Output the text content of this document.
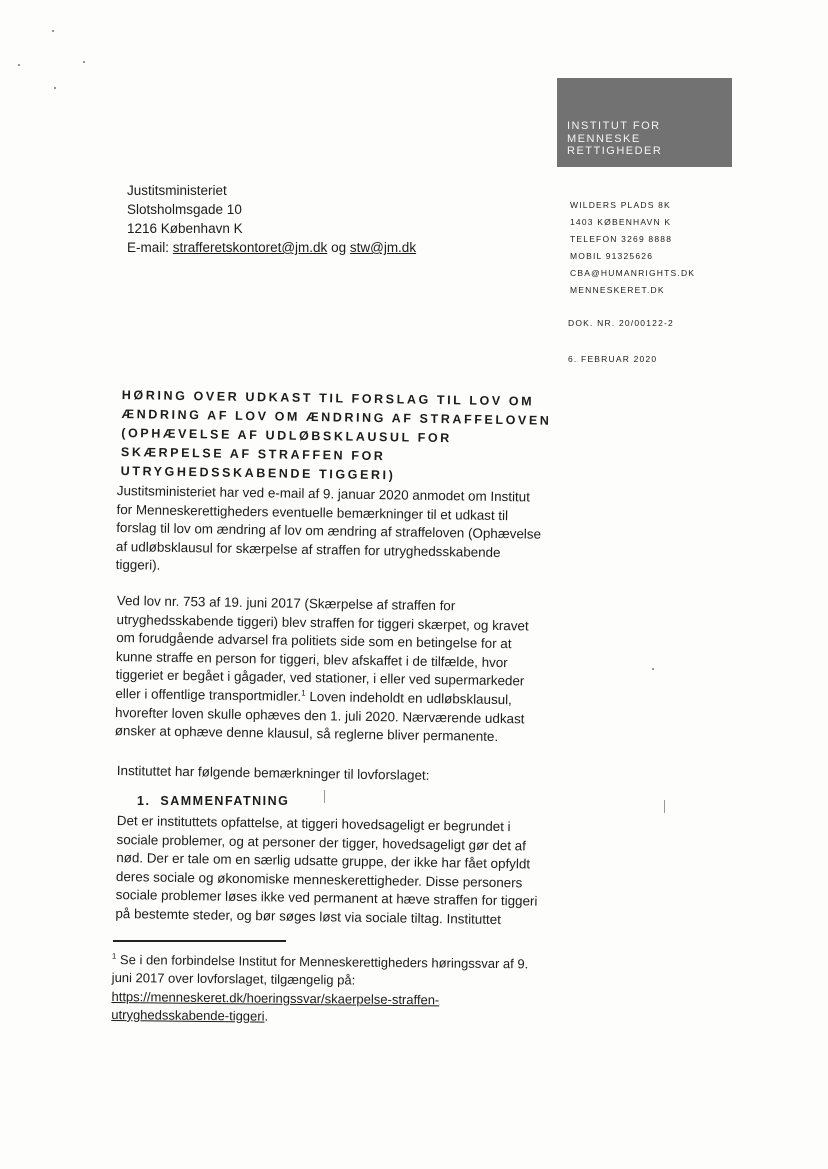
INSTITUT FOR
MENNESKE
RETTIGHEDER
Justitsministeriet
Slotsholmsgade 10
1216 København K
E-mail: strafferetskontoret@jm.dk og stw@jm.dk
WILDERS PLADS 8K
1403 KØBENHAVN K
TELEFON 3269 8888
MOBIL 91325626
CBA@HUMANRIGHTS.DK
MENNESKERET.DK
DOK. NR. 20/00122-2
6. FEBRUAR 2020
HØRING OVER UDKAST TIL FORSLAG TIL LOV OM ÆNDRING AF LOV OM ÆNDRING AF STRAFFELOVEN (OPHÆVELSE AF UDLØBSKLAUSUL FOR SKÆRPELSE AF STRAFFEN FOR UTRYGHEDSSKABENDE TIGGERI)
Justitsministeriet har ved e-mail af 9. januar 2020 anmodet om Institut for Menneskerettigheders eventuelle bemærkninger til et udkast til forslag til lov om ændring af lov om ændring af straffeloven (Ophævelse af udløbsklausul for skærpelse af straffen for utryghedsskabende tiggeri).
Ved lov nr. 753 af 19. juni 2017 (Skærpelse af straffen for utryghedsskabende tiggeri) blev straffen for tiggeri skærpet, og kravet om forudgående advarsel fra politiets side som en betingelse for at kunne straffe en person for tiggeri, blev afskaffet i de tilfælde, hvor tiggeriet er begået i gågader, ved stationer, i eller ved supermarkeder eller i offentlige transportmidler.$^1$ Loven indeholdt en udløbsklausul, hvorefter loven skulle ophæves den 1. juli 2020. Nærværende udkast ønsker at ophæve denne klausul, så reglerne bliver permanente.
Instituttet har følgende bemærkninger til lovforslaget:
1. SAMMENFATNING
Det er instituttets opfattelse, at tiggeri hovedsageligt er begrundet i sociale problemer, og at personer der tigger, hovedsageligt gør det af nød. Der er tale om en særlig udsatte gruppe, der ikke har fået opfyldt deres sociale og økonomiske menneskerettigheder. Disse personers sociale problemer løses ikke ved permanent at hæve straffen for tiggeri på bestemte steder, og bør søges løst via sociale tiltag. Instituttet
$^1$ Se i den forbindelse Institut for Menneskerettigheders høringssvar af 9. juni 2017 over lovforslaget, tilgængelig på: https://menneskeret.dk/hoeringssvar/skaerpelse-straffen-utryghedsskabende-tiggeri.
